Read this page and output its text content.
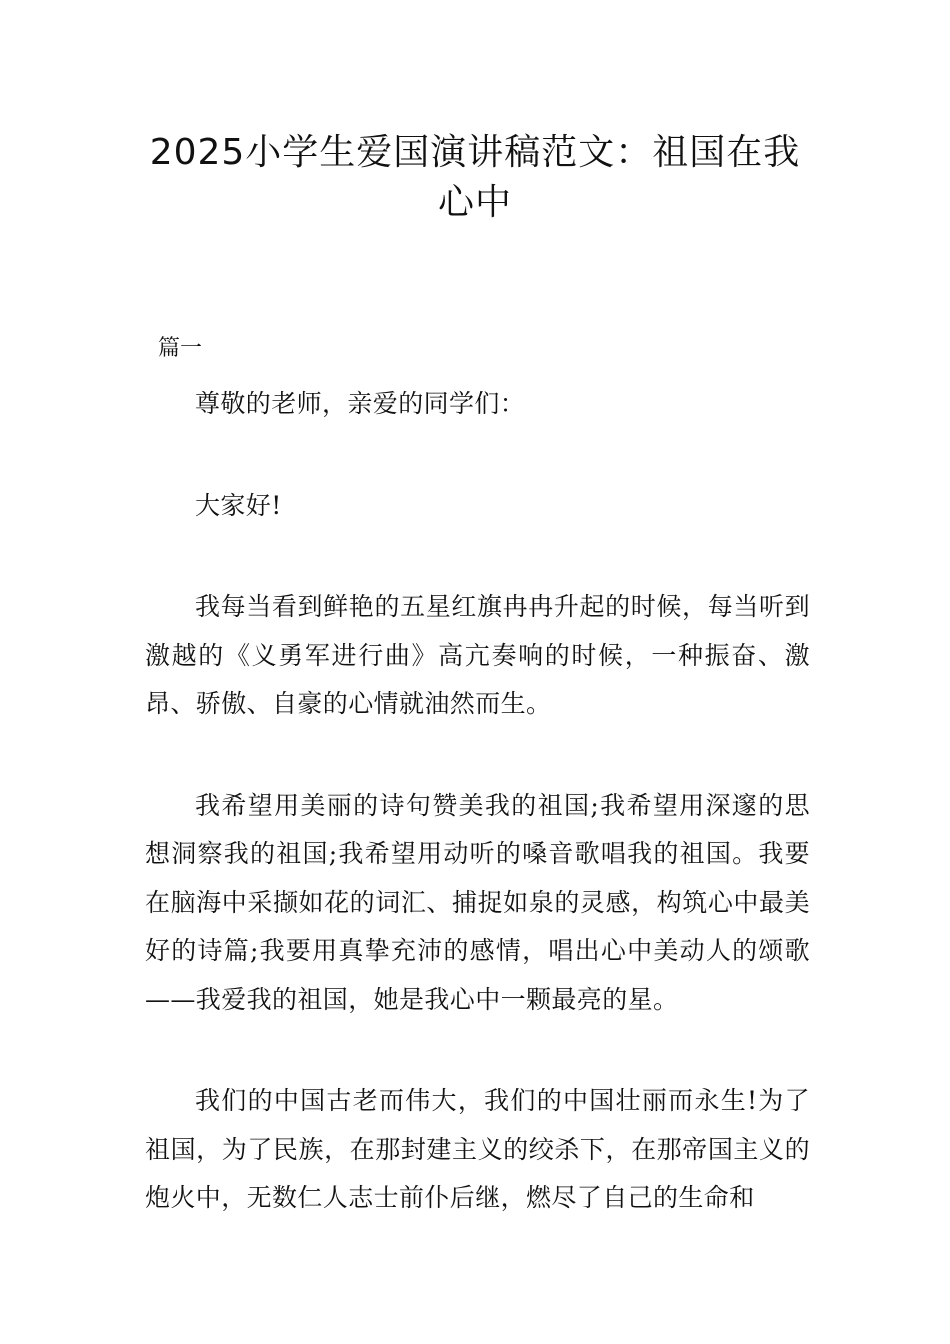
2025小学生爱国演讲稿范文：祖国在我心中

篇一

尊敬的老师，亲爱的同学们：

大家好!

我每当看到鲜艳的五星红旗冉冉升起的时候，每当听到激越的《义勇军进行曲》高亢奏响的时候，一种振奋、激昂、骄傲、自豪的心情就油然而生。

我希望用美丽的诗句赞美我的祖国;我希望用深邃的思想洞察我的祖国;我希望用动听的嗓音歌唱我的祖国。我要在脑海中采撷如花的词汇、捕捉如泉的灵感，构筑心中最美好的诗篇;我要用真挚充沛的感情，唱出心中美动人的颂歌——我爱我的祖国，她是我心中一颗最亮的星。

我们的中国古老而伟大，我们的中国壮丽而永生!为了祖国，为了民族，在那封建主义的绞杀下，在那帝国主义的炮火中，无数仁人志士前仆后继，燃尽了自己的生命和
